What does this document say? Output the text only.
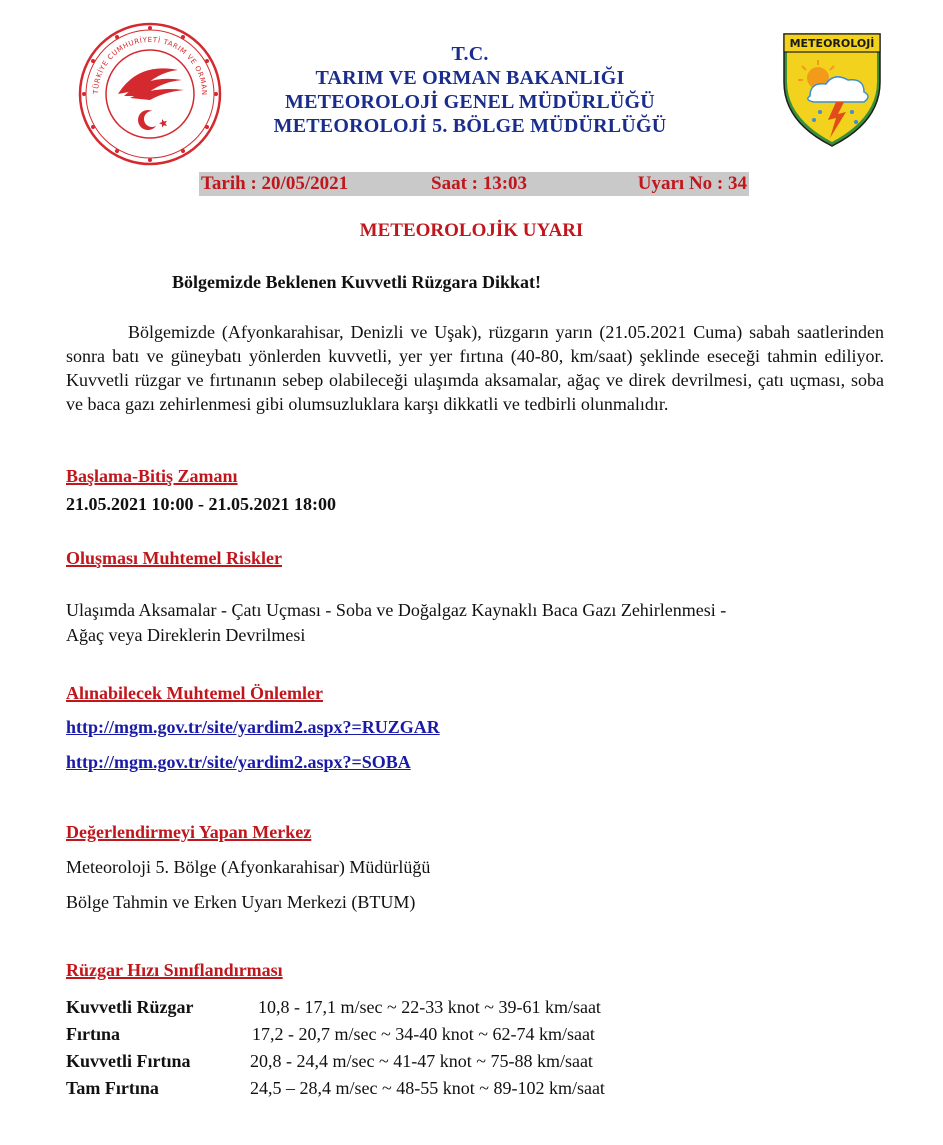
TÜRKİYE CUMHURİYETİ TARIM VE ORMAN
METEOROLOJİ
T.C.
TARIM VE ORMAN BAKANLIĞI
METEOROLOJİ GENEL MÜDÜRLÜĞÜ
METEOROLOJİ 5. BÖLGE MÜDÜRLÜĞÜ
Tarih : 20/05/2021	Saat : 13:03	Uyarı No : 34
METEOROLOJİK UYARI
Bölgemizde Beklenen Kuvvetli Rüzgara Dikkat!
Bölgemizde (Afyonkarahisar, Denizli ve Uşak), rüzgarın yarın (21.05.2021 Cuma) sabah saatlerinden sonra batı ve güneybatı yönlerden kuvvetli, yer yer fırtına (40-80, km/saat) şeklinde eseceği tahmin ediliyor. Kuvvetli rüzgar ve fırtınanın sebep olabileceği ulaşımda aksamalar, ağaç ve direk devrilmesi, çatı uçması, soba ve baca gazı zehirlenmesi gibi olumsuzluklara karşı dikkatli ve tedbirli olunmalıdır.
Başlama-Bitiş Zamanı
21.05.2021 10:00 - 21.05.2021 18:00
Oluşması Muhtemel Riskler
Ulaşımda Aksamalar - Çatı Uçması - Soba ve Doğalgaz Kaynaklı Baca Gazı Zehirlenmesi -
Ağaç veya Direklerin Devrilmesi
Alınabilecek Muhtemel Önlemler
http://mgm.gov.tr/site/yardim2.aspx?=RUZGAR
http://mgm.gov.tr/site/yardim2.aspx?=SOBA
Değerlendirmeyi Yapan Merkez
Meteoroloji 5. Bölge (Afyonkarahisar) Müdürlüğü
Bölge Tahmin ve Erken Uyarı Merkezi (BTUM)
Rüzgar Hızı Sınıflandırması
Kuvvetli Rüzgar	10,8 - 17,1 m/sec ~ 22-33 knot ~ 39-61 km/saat
Fırtına	17,2 - 20,7 m/sec ~ 34-40 knot ~ 62-74 km/saat
Kuvvetli Fırtına	20,8 - 24,4 m/sec ~ 41-47 knot ~ 75-88 km/saat
Tam Fırtına	24,5 – 28,4 m/sec ~ 48-55 knot ~ 89-102 km/saat
